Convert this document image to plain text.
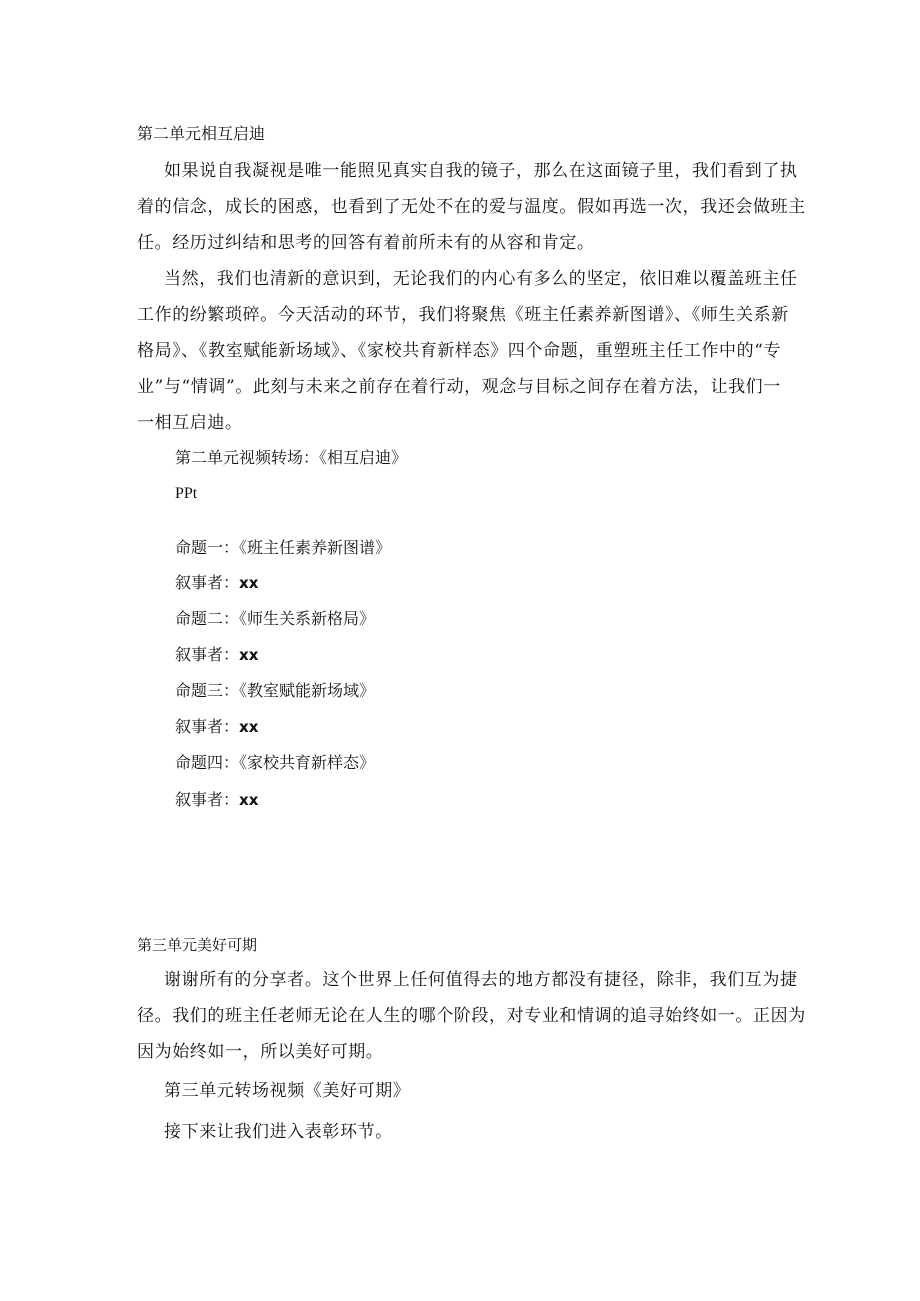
第二单元相互启迪
如果说自我凝视是唯一能照见真实自我的镜子，那么在这面镜子里，我们看到了执
着的信念，成长的困惑，也看到了无处不在的爱与温度。假如再选一次，我还会做班主
任。经历过纠结和思考的回答有着前所未有的从容和肯定。
当然，我们也清新的意识到，无论我们的内心有多么的坚定，依旧难以覆盖班主任
工作的纷繁琐碎。今天活动的环节，我们将聚焦《班主任素养新图谱》、《师生关系新
格局》、《教室赋能新场域》、《家校共育新样态》四个命题，重塑班主任工作中的“专
业”与“情调”。此刻与未来之前存在着行动，观念与目标之间存在着方法，让我们一
一相互启迪。
第二单元视频转场：《相互启迪》
PPt
命题一：《班主任素养新图谱》
叙事者：xx
命题二：《师生关系新格局》
叙事者：xx
命题三：《教室赋能新场域》
叙事者：xx
命题四：《家校共育新样态》
叙事者：xx
第三单元美好可期
谢谢所有的分享者。这个世界上任何值得去的地方都没有捷径，除非，我们互为捷
径。我们的班主任老师无论在人生的哪个阶段，对专业和情调的追寻始终如一。正因为
因为始终如一，所以美好可期。
第三单元转场视频《美好可期》
接下来让我们进入表彰环节。
